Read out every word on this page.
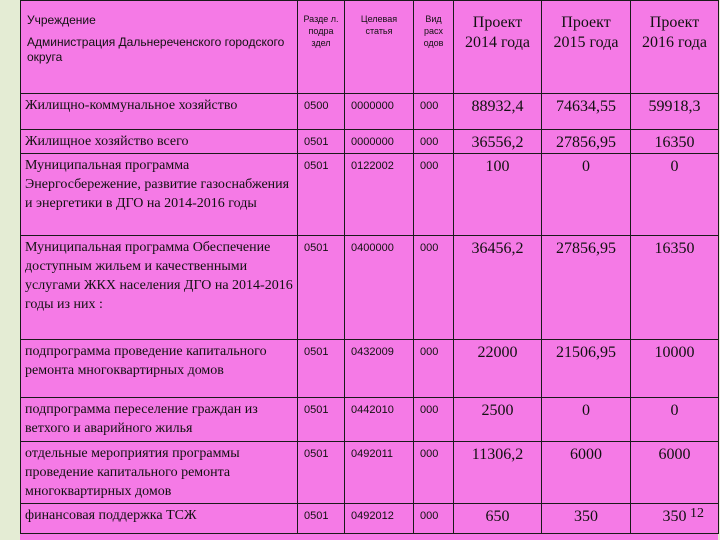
Учреждение
Администрация Дальнереченского городского округа	Разде л. подра здел	Целевая статья	Вид расх одов	Проект 2014 года	Проект 2015 года	Проект 2016 года
Жилищно-коммунальное хозяйство	0500	0000000	000	88932,4	74634,55	59918,3
Жилищное хозяйство всего	0501	0000000	000	36556,2	27856,95	16350
Муниципальная программа Энергосбережение, развитие газоснабжения и энергетики в ДГО на 2014-2016 годы	0501	0122002	000	100	0	0
Муниципальная программа Обеспечение доступным жильем и качественными услугами ЖКХ населения ДГО на 2014-2016 годы из них :	0501	0400000	000	36456,2	27856,95	16350
подпрограмма проведение капитального ремонта многоквартирных домов	0501	0432009	000	22000	21506,95	10000
подпрограмма переселение граждан из ветхого и аварийного жилья	0501	0442010	000	2500	0	0
отдельные мероприятия программы проведение капитального ремонта многоквартирных домов	0501	0492011	000	11306,2	6000	6000
финансовая поддержка ТСЖ	0501	0492012	000	650	350	350 12
